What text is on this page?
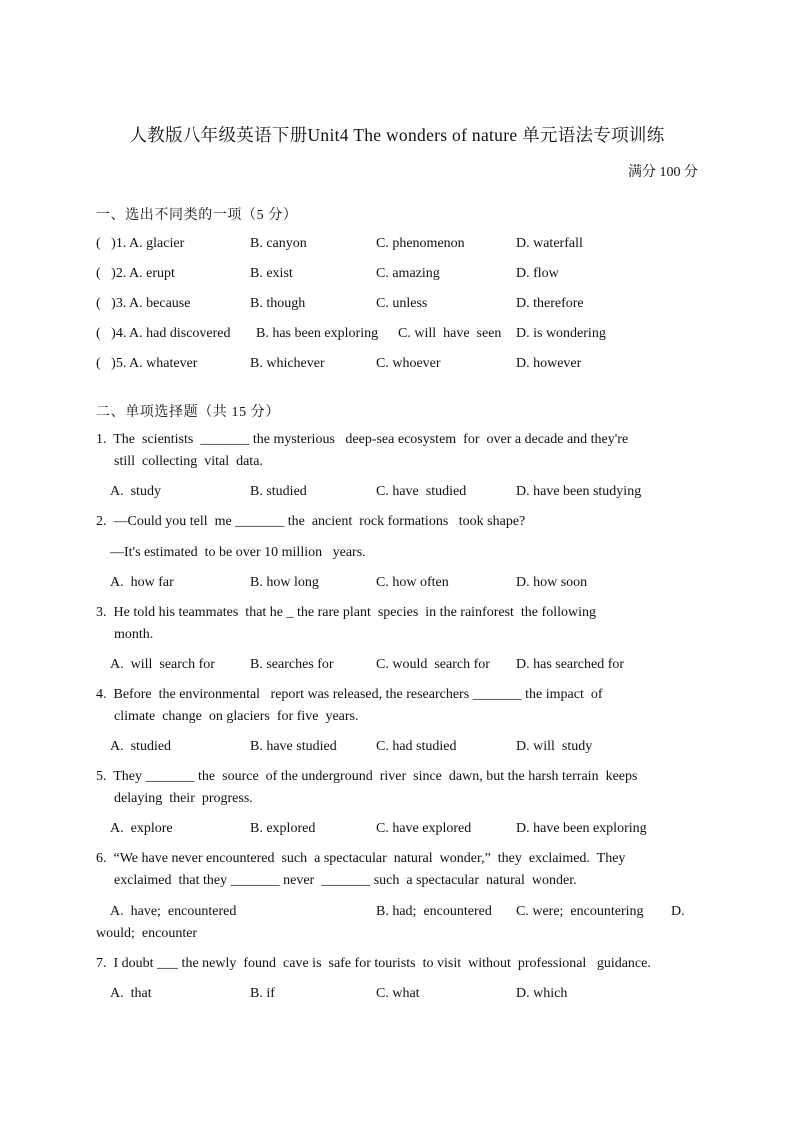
人教版八年级英语下册Unit4 The wonders of nature 单元语法专项训练
满分 100 分
一、选出不同类的一项（5 分）
(   )1. A. glacier	B. canyon	C. phenomenon	D. waterfall
(   )2. A. erupt	B. exist	C. amazing	D. flow
(   )3. A. because	B. though	C. unless	D. therefore
(   )4. A. had discovered B. has been exploring C. will  have  seen D. is wondering
(   )5. A. whatever	B. whichever	C. whoever	D. however
二、单项选择题（共 15 分）
1.  The  scientists  _______ the mysterious   deep-sea ecosystem  for  over a decade and they're
still  collecting  vital  data.
A.  study	B. studied	C. have  studied	D. have been studying
2.  —Could you tell  me _______ the  ancient  rock formations   took shape?
—It's estimated  to be over 10 million   years.
A.  how far	B. how long	C. how often	D. how soon
3.  He told his teammates  that he _ the rare plant  species  in the rainforest  the following
month.
A.  will  search for	B. searches for	C. would  search for D. has searched for
4.  Before  the environmental   report was released, the researchers _______ the impact  of
climate  change  on glaciers  for five  years.
A.  studied	B. have studied	C. had studied	D. will  study
5.  They _______ the  source  of the underground  river  since  dawn, but the harsh terrain  keeps
delaying  their  progress.
A.  explore	B. explored	C. have explored	D. have been exploring
6.  “We have never encountered  such  a spectacular  natural  wonder,”  they  exclaimed.  They
exclaimed  that they _______ never  _______ such  a spectacular  natural  wonder.
A.  have;  encountered	B. had;  encountered C. were;  encountering D.
would;  encounter
7.  I doubt ___ the newly  found  cave is  safe for tourists  to visit  without  professional   guidance.
A.  that	B. if	C. what	D. which
